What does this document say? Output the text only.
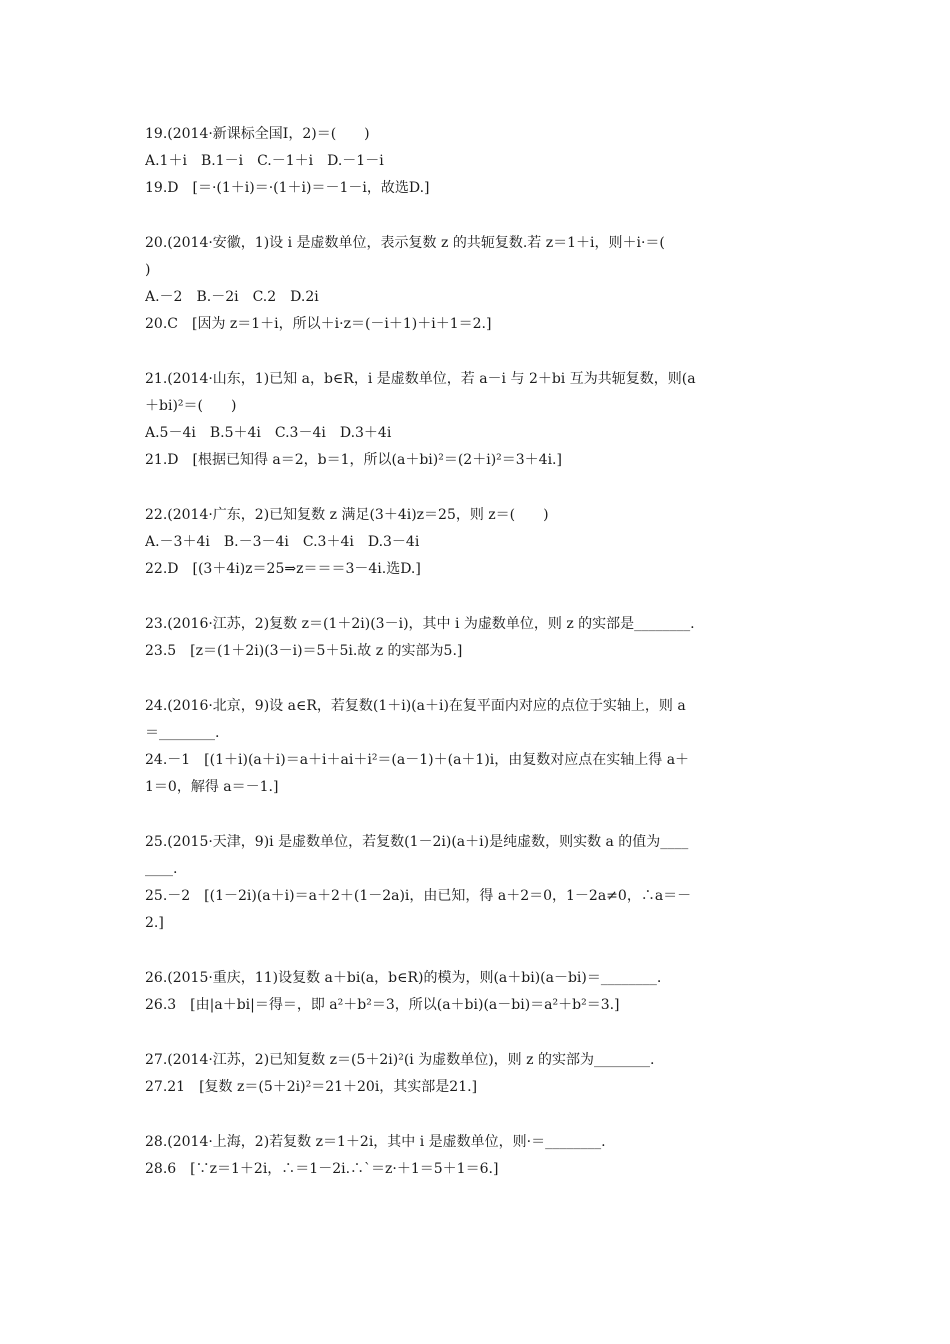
19.(2014·新课标全国Ⅰ，2)＝(　　)
A.1＋i　B.1－i　C.－1＋i　D.－1－i
19.D　[＝·(1＋i)＝·(1＋i)＝－1－i，故选D.]
20.(2014·安徽，1)设 i 是虚数单位，表示复数 z 的共轭复数.若 z＝1＋i，则＋i·＝(
)
A.－2　B.－2i　C.2　D.2i
20.C　[因为 z＝1＋i，所以＋i·z＝(－i＋1)＋i＋1＝2.]
21.(2014·山东，1)已知 a，b∈R，i 是虚数单位，若 a－i 与 2＋bi 互为共轭复数，则(a
＋bi)²＝(　　)
A.5－4i　B.5＋4i　C.3－4i　D.3＋4i
21.D　[根据已知得 a＝2，b＝1，所以(a＋bi)²＝(2＋i)²＝3＋4i.]
22.(2014·广东，2)已知复数 z 满足(3＋4i)z＝25，则 z＝(　　)
A.－3＋4i　B.－3－4i　C.3＋4i　D.3－4i
22.D　[(3＋4i)z＝25⇒z＝＝＝3－4i.选D.]
23.(2016·江苏，2)复数 z＝(1＋2i)(3－i)，其中 i 为虚数单位，则 z 的实部是________.
23.5　[z＝(1＋2i)(3－i)＝5＋5i.故 z 的实部为5.]
24.(2016·北京，9)设 a∈R，若复数(1＋i)(a＋i)在复平面内对应的点位于实轴上，则 a
＝________.
24.－1　[(1＋i)(a＋i)＝a＋i＋ai＋i²＝(a－1)＋(a＋1)i，由复数对应点在实轴上得 a＋
1＝0，解得 a＝－1.]
25.(2015·天津，9)i 是虚数单位，若复数(1－2i)(a＋i)是纯虚数，则实数 a 的值为____
____.
25.－2　[(1－2i)(a＋i)＝a＋2＋(1－2a)i，由已知，得 a＋2＝0，1－2a≠0，∴a＝－
2.]
26.(2015·重庆，11)设复数 a＋bi(a，b∈R)的模为，则(a＋bi)(a－bi)＝________.
26.3　[由|a＋bi|＝得＝，即 a²＋b²＝3，所以(a＋bi)(a－bi)＝a²＋b²＝3.]
27.(2014·江苏，2)已知复数 z＝(5＋2i)²(i 为虚数单位)，则 z 的实部为________.
27.21　[复数 z＝(5＋2i)²＝21＋20i，其实部是21.]
28.(2014·上海，2)若复数 z＝1＋2i，其中 i 是虚数单位，则·＝________.
28.6　[∵z＝1＋2i，∴＝1－2i.∴`＝z·＋1＝5＋1＝6.]
